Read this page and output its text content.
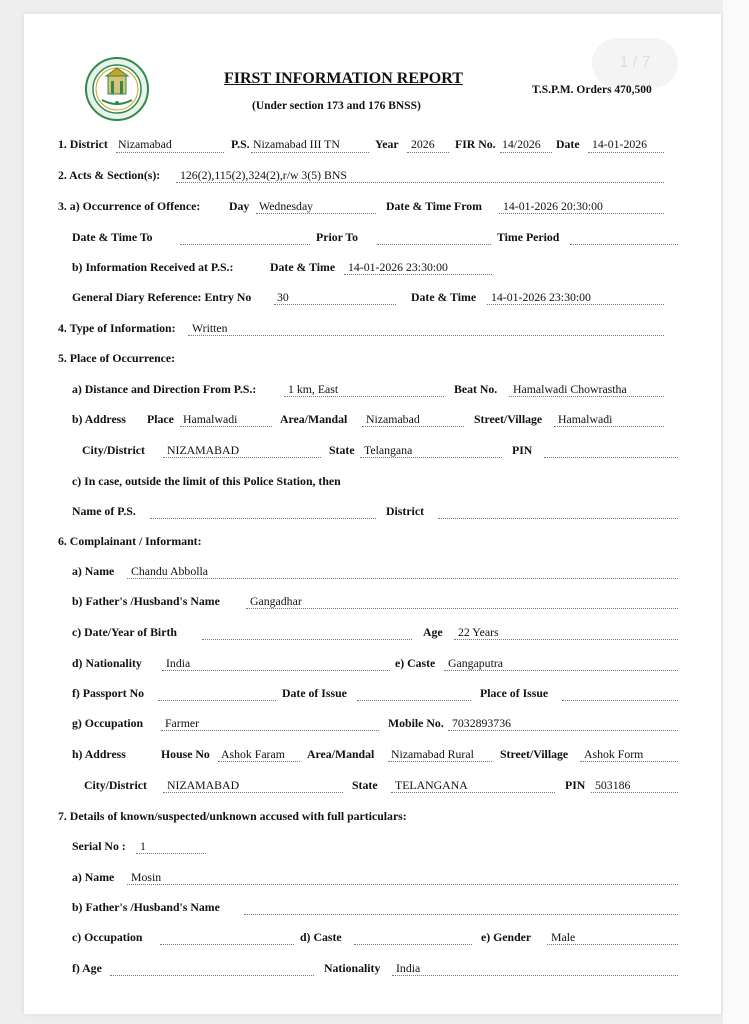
1 / 7
FIRST INFORMATION REPORT
(Under section 173 and 176 BNSS)
T.S.P.M. Orders 470,500
1. District Nizamabad	P.S. Nizamabad III TN	Year 2026 FIR No. 14/2026 Date 14-01-2026
2. Acts & Section(s): 126(2),115(2),324(2),r/w 3(5) BNS
3. a) Occurrence of Offence: Day Wednesday	Date & Time From 14-01-2026 20:30:00
Date & Time To	Prior To	Time Period
b) Information Received at P.S.:	Date & Time 14-01-2026 23:30:00
General Diary Reference: Entry No 30	Date & Time 14-01-2026 23:30:00
4. Type of Information: Written
5. Place of Occurrence:
a) Distance and Direction From P.S.:	1 km, East	Beat No. Hamalwadi Chowrastha
b) Address Place Hamalwadi	Area/Mandal Nizamabad	Street/Village Hamalwadi
City/District NIZAMABAD	State Telangana	PIN
c) In case, outside the limit of this Police Station, then
Name of P.S.	District
6. Complainant / Informant:
a) Name Chandu Abbolla
b) Father's /Husband's Name	Gangadhar
c) Date/Year of Birth	Age 22 Years
d) Nationality India	e) Caste Gangaputra
f) Passport No	Date of Issue	Place of Issue
g) Occupation Farmer	Mobile No. 7032893736
h) Address	House No Ashok Faram Area/Mandal Nizamabad Rural Street/Village Ashok Form
City/District NIZAMABAD	State TELANGANA	PIN 503186
7. Details of known/suspected/unknown accused with full particulars:
Serial No : 1
a) Name Mosin
b) Father's /Husband's Name
c) Occupation	d) Caste	e) Gender Male
f) Age	Nationality India
